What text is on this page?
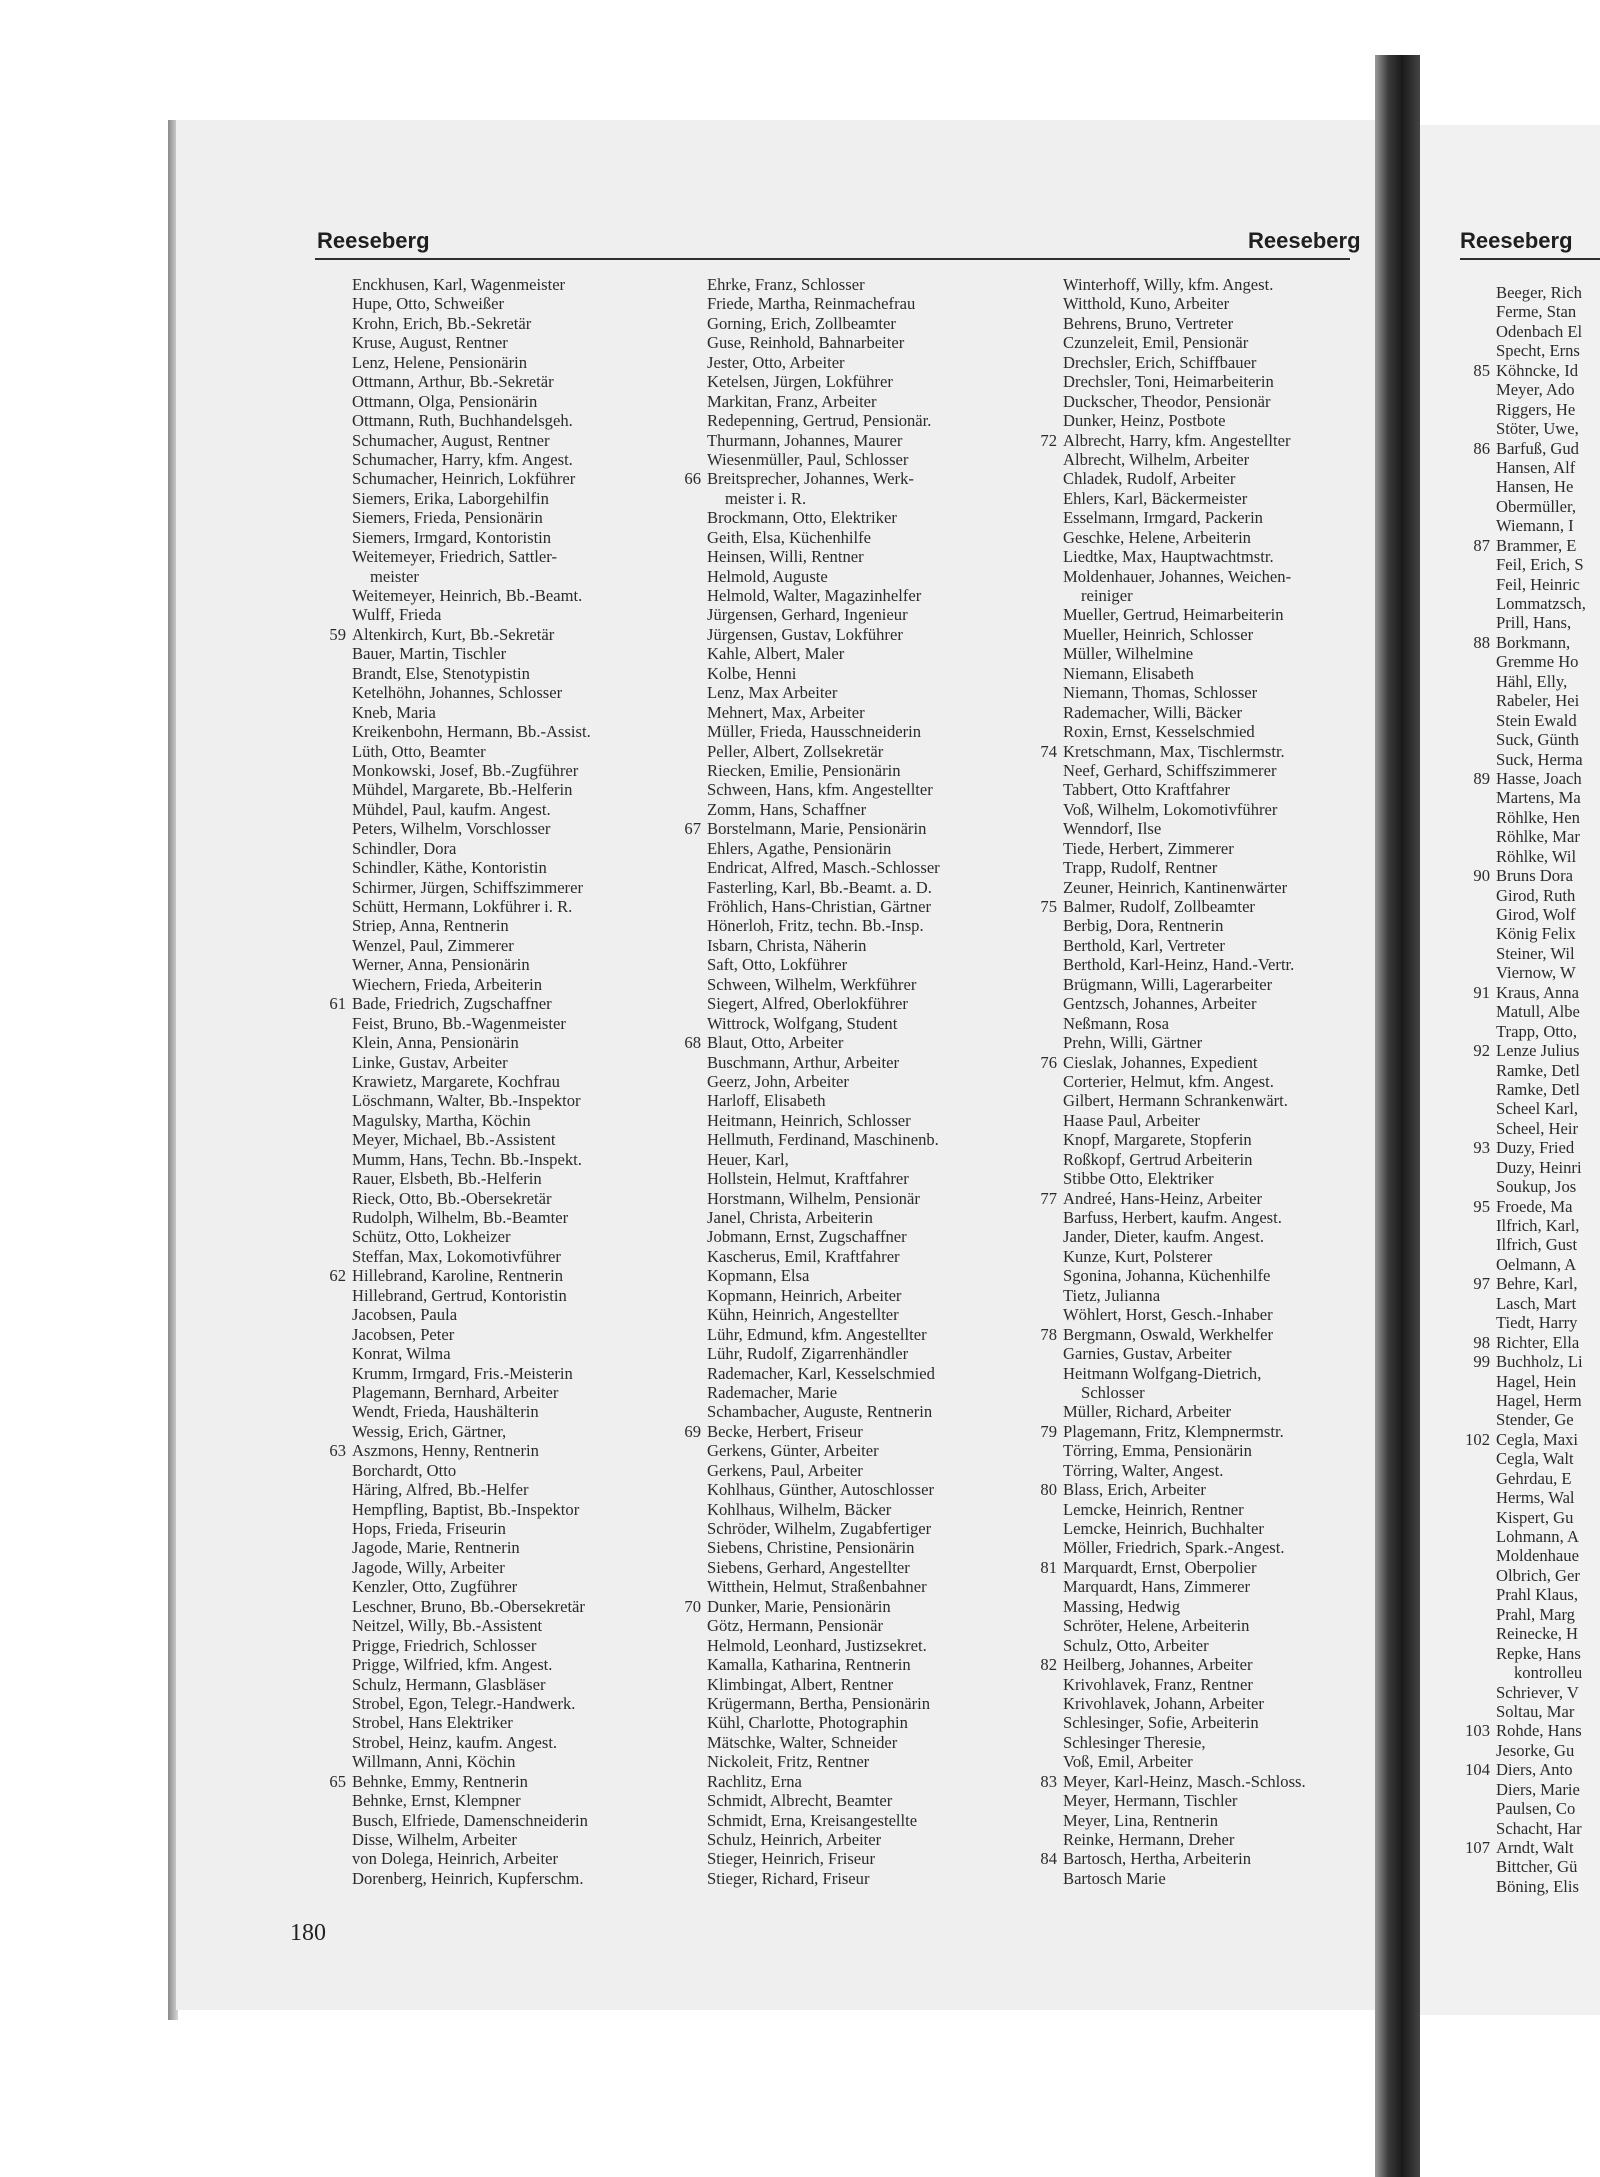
Reeseberg	Reeseberg	Reeseberg
Enckhusen, Karl, Wagenmeister
Hupe, Otto, Schweißer
Krohn, Erich, Bb.-Sekretär
Kruse, August, Rentner
Lenz, Helene, Pensionärin
Ottmann, Arthur, Bb.-Sekretär
Ottmann, Olga, Pensionärin
Ottmann, Ruth, Buchhandelsgeh.
Schumacher, August, Rentner
Schumacher, Harry, kfm. Angest.
Schumacher, Heinrich, Lokführer
Siemers, Erika, Laborgehilfin
Siemers, Frieda, Pensionärin
Siemers, Irmgard, Kontoristin
Weitemeyer, Friedrich, Sattler-
meister
Weitemeyer, Heinrich, Bb.-Beamt.
Wulff, Frieda
59 Altenkirch, Kurt, Bb.-Sekretär
Bauer, Martin, Tischler
Brandt, Else, Stenotypistin
Ketelhöhn, Johannes, Schlosser
Kneb, Maria
Kreikenbohn, Hermann, Bb.-Assist.
Lüth, Otto, Beamter
Monkowski, Josef, Bb.-Zugführer
Mühdel, Margarete, Bb.-Helferin
Mühdel, Paul, kaufm. Angest.
Peters, Wilhelm, Vorschlosser
Schindler, Dora
Schindler, Käthe, Kontoristin
Schirmer, Jürgen, Schiffszimmerer
Schütt, Hermann, Lokführer i. R.
Striep, Anna, Rentnerin
Wenzel, Paul, Zimmerer
Werner, Anna, Pensionärin
Wiechern, Frieda, Arbeiterin
61 Bade, Friedrich, Zugschaffner
Feist, Bruno, Bb.-Wagenmeister
Klein, Anna, Pensionärin
Linke, Gustav, Arbeiter
Krawietz, Margarete, Kochfrau
Löschmann, Walter, Bb.-Inspektor
Magulsky, Martha, Köchin
Meyer, Michael, Bb.-Assistent
Mumm, Hans, Techn. Bb.-Inspekt.
Rauer, Elsbeth, Bb.-Helferin
Rieck, Otto, Bb.-Obersekretär
Rudolph, Wilhelm, Bb.-Beamter
Schütz, Otto, Lokheizer
Steffan, Max, Lokomotivführer
62 Hillebrand, Karoline, Rentnerin
Hillebrand, Gertrud, Kontoristin
Jacobsen, Paula
Jacobsen, Peter
Konrat, Wilma
Krumm, Irmgard, Fris.-Meisterin
Plagemann, Bernhard, Arbeiter
Wendt, Frieda, Haushälterin
Wessig, Erich, Gärtner,
63 Aszmons, Henny, Rentnerin
Borchardt, Otto
Häring, Alfred, Bb.-Helfer
Hempfling, Baptist, Bb.-Inspektor
Hops, Frieda, Friseurin
Jagode, Marie, Rentnerin
Jagode, Willy, Arbeiter
Kenzler, Otto, Zugführer
Leschner, Bruno, Bb.-Obersekretär
Neitzel, Willy, Bb.-Assistent
Prigge, Friedrich, Schlosser
Prigge, Wilfried, kfm. Angest.
Schulz, Hermann, Glasbläser
Strobel, Egon, Telegr.-Handwerk.
Strobel, Hans Elektriker
Strobel, Heinz, kaufm. Angest.
Willmann, Anni, Köchin
65 Behnke, Emmy, Rentnerin
Behnke, Ernst, Klempner
Busch, Elfriede, Damenschneiderin
Disse, Wilhelm, Arbeiter
von Dolega, Heinrich, Arbeiter
Dorenberg, Heinrich, Kupferschm.
Ehrke, Franz, Schlosser
Friede, Martha, Reinmachefrau
Gorning, Erich, Zollbeamter
Guse, Reinhold, Bahnarbeiter
Jester, Otto, Arbeiter
Ketelsen, Jürgen, Lokführer
Markitan, Franz, Arbeiter
Redepenning, Gertrud, Pensionär.
Thurmann, Johannes, Maurer
Wiesenmüller, Paul, Schlosser
66 Breitsprecher, Johannes, Werk-
meister i. R.
Brockmann, Otto, Elektriker
Geith, Elsa, Küchenhilfe
Heinsen, Willi, Rentner
Helmold, Auguste
Helmold, Walter, Magazinhelfer
Jürgensen, Gerhard, Ingenieur
Jürgensen, Gustav, Lokführer
Kahle, Albert, Maler
Kolbe, Henni
Lenz, Max Arbeiter
Mehnert, Max, Arbeiter
Müller, Frieda, Hausschneiderin
Peller, Albert, Zollsekretär
Riecken, Emilie, Pensionärin
Schween, Hans, kfm. Angestellter
Zomm, Hans, Schaffner
67 Borstelmann, Marie, Pensionärin
Ehlers, Agathe, Pensionärin
Endricat, Alfred, Masch.-Schlosser
Fasterling, Karl, Bb.-Beamt. a. D.
Fröhlich, Hans-Christian, Gärtner
Hönerloh, Fritz, techn. Bb.-Insp.
Isbarn, Christa, Näherin
Saft, Otto, Lokführer
Schween, Wilhelm, Werkführer
Siegert, Alfred, Oberlokführer
Wittrock, Wolfgang, Student
68 Blaut, Otto, Arbeiter
Buschmann, Arthur, Arbeiter
Geerz, John, Arbeiter
Harloff, Elisabeth
Heitmann, Heinrich, Schlosser
Hellmuth, Ferdinand, Maschinenb.
Heuer, Karl,
Hollstein, Helmut, Kraftfahrer
Horstmann, Wilhelm, Pensionär
Janel, Christa, Arbeiterin
Jobmann, Ernst, Zugschaffner
Kascherus, Emil, Kraftfahrer
Kopmann, Elsa
Kopmann, Heinrich, Arbeiter
Kühn, Heinrich, Angestellter
Lühr, Edmund, kfm. Angestellter
Lühr, Rudolf, Zigarrenhändler
Rademacher, Karl, Kesselschmied
Rademacher, Marie
Schambacher, Auguste, Rentnerin
69 Becke, Herbert, Friseur
Gerkens, Günter, Arbeiter
Gerkens, Paul, Arbeiter
Kohlhaus, Günther, Autoschlosser
Kohlhaus, Wilhelm, Bäcker
Schröder, Wilhelm, Zugabfertiger
Siebens, Christine, Pensionärin
Siebens, Gerhard, Angestellter
Witthein, Helmut, Straßenbahner
70 Dunker, Marie, Pensionärin
Götz, Hermann, Pensionär
Helmold, Leonhard, Justizsekret.
Kamalla, Katharina, Rentnerin
Klimbingat, Albert, Rentner
Krügermann, Bertha, Pensionärin
Kühl, Charlotte, Photographin
Mätschke, Walter, Schneider
Nickoleit, Fritz, Rentner
Rachlitz, Erna
Schmidt, Albrecht, Beamter
Schmidt, Erna, Kreisangestellte
Schulz, Heinrich, Arbeiter
Stieger, Heinrich, Friseur
Stieger, Richard, Friseur
Winterhoff, Willy, kfm. Angest.
Witthold, Kuno, Arbeiter
Behrens, Bruno, Vertreter
Czunzeleit, Emil, Pensionär
Drechsler, Erich, Schiffbauer
Drechsler, Toni, Heimarbeiterin
Duckscher, Theodor, Pensionär
Dunker, Heinz, Postbote
72 Albrecht, Harry, kfm. Angestellter
Albrecht, Wilhelm, Arbeiter
Chladek, Rudolf, Arbeiter
Ehlers, Karl, Bäckermeister
Esselmann, Irmgard, Packerin
Geschke, Helene, Arbeiterin
Liedtke, Max, Hauptwachtmstr.
Moldenhauer, Johannes, Weichen-
reiniger
Mueller, Gertrud, Heimarbeiterin
Mueller, Heinrich, Schlosser
Müller, Wilhelmine
Niemann, Elisabeth
Niemann, Thomas, Schlosser
Rademacher, Willi, Bäcker
Roxin, Ernst, Kesselschmied
74 Kretschmann, Max, Tischlermstr.
Neef, Gerhard, Schiffszimmerer
Tabbert, Otto Kraftfahrer
Voß, Wilhelm, Lokomotivführer
Wenndorf, Ilse
Tiede, Herbert, Zimmerer
Trapp, Rudolf, Rentner
Zeuner, Heinrich, Kantinenwärter
75 Balmer, Rudolf, Zollbeamter
Berbig, Dora, Rentnerin
Berthold, Karl, Vertreter
Berthold, Karl-Heinz, Hand.-Vertr.
Brügmann, Willi, Lagerarbeiter
Gentzsch, Johannes, Arbeiter
Neßmann, Rosa
Prehn, Willi, Gärtner
76 Cieslak, Johannes, Expedient
Corterier, Helmut, kfm. Angest.
Gilbert, Hermann Schrankenwärt.
Haase Paul, Arbeiter
Knopf, Margarete, Stopferin
Roßkopf, Gertrud Arbeiterin
Stibbe Otto, Elektriker
77 Andreé, Hans-Heinz, Arbeiter
Barfuss, Herbert, kaufm. Angest.
Jander, Dieter, kaufm. Angest.
Kunze, Kurt, Polsterer
Sgonina, Johanna, Küchenhilfe
Tietz, Julianna
Wöhlert, Horst, Gesch.-Inhaber
78 Bergmann, Oswald, Werkhelfer
Garnies, Gustav, Arbeiter
Heitmann Wolfgang-Dietrich,
Schlosser
Müller, Richard, Arbeiter
79 Plagemann, Fritz, Klempnermstr.
Törring, Emma, Pensionärin
Törring, Walter, Angest.
80 Blass, Erich, Arbeiter
Lemcke, Heinrich, Rentner
Lemcke, Heinrich, Buchhalter
Möller, Friedrich, Spark.-Angest.
81 Marquardt, Ernst, Oberpolier
Marquardt, Hans, Zimmerer
Massing, Hedwig
Schröter, Helene, Arbeiterin
Schulz, Otto, Arbeiter
82 Heilberg, Johannes, Arbeiter
Krivohlavek, Franz, Rentner
Krivohlavek, Johann, Arbeiter
Schlesinger, Sofie, Arbeiterin
Schlesinger Theresie,
Voß, Emil, Arbeiter
83 Meyer, Karl-Heinz, Masch.-Schloss.
Meyer, Hermann, Tischler
Meyer, Lina, Rentnerin
Reinke, Hermann, Dreher
84 Bartosch, Hertha, Arbeiterin
Bartosch Marie
Beeger, Rich
Ferme, Stan
Odenbach El
Specht, Erns
85 Köhncke, Id
Meyer, Ado
Riggers, He
Stöter, Uwe,
86 Barfuß, Gud
Hansen, Alf
Hansen, He
Obermüller,
Wiemann, I
87 Brammer, E
Feil, Erich, S
Feil, Heinric
Lommatzsch,
Prill, Hans,
88 Borkmann,
Gremme Ho
Hähl, Elly,
Rabeler, Hei
Stein Ewald
Suck, Günth
Suck, Herma
89 Hasse, Joach
Martens, Ma
Röhlke, Hen
Röhlke, Mar
Röhlke, Wil
90 Bruns Dora
Girod, Ruth
Girod, Wolf
König Felix
Steiner, Wil
Viernow, W
91 Kraus, Anna
Matull, Albe
Trapp, Otto,
92 Lenze Julius
Ramke, Detl
Ramke, Detl
Scheel Karl,
Scheel, Heir
93 Duzy, Fried
Duzy, Heinri
Soukup, Jos
95 Froede, Ma
Ilfrich, Karl,
Ilfrich, Gust
Oelmann, A
97 Behre, Karl,
Lasch, Mart
Tiedt, Harry
98 Richter, Ella
99 Buchholz, Li
Hagel, Hein
Hagel, Herm
Stender, Ge
102 Cegla, Maxi
Cegla, Walt
Gehrdau, E
Herms, Wal
Kispert, Gu
Lohmann, A
Moldenhaue
Olbrich, Ger
Prahl Klaus,
Prahl, Marg
Reinecke, H
Repke, Hans
kontrolleu
Schriever, V
Soltau, Mar
103 Rohde, Hans
Jesorke, Gu
104 Diers, Anto
Diers, Marie
Paulsen, Co
Schacht, Har
107 Arndt, Walt
Bittcher, Gü
Böning, Elis
180
